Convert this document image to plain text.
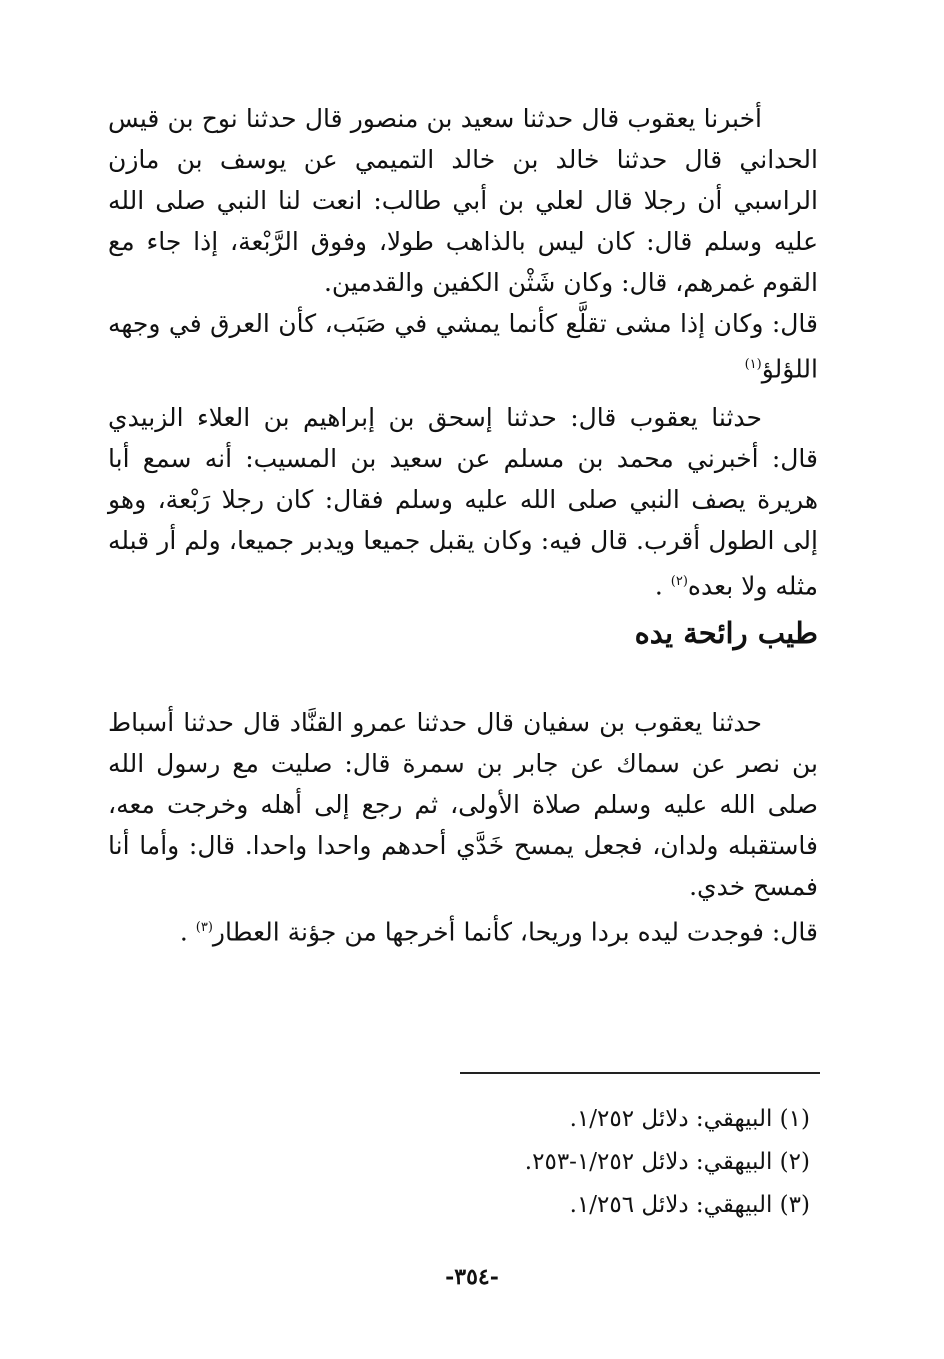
أخبرنا يعقوب قال حدثنا سعيد بن منصور قال حدثنا نوح بن قيس الحداني قال حدثنا خالد بن خالد التميمي عن يوسف بن مازن الراسبي أن رجلا قال لعلي بن أبي طالب: انعت لنا النبي صلى الله عليه وسلم قال: كان ليس بالذاهب طولا، وفوق الرَّبْعة، إذا جاء مع القوم غمرهم، قال: وكان شَثْن الكفين والقدمين.

قال: وكان إذا مشى تقلَّع كأنما يمشي في صَبَب، كأن العرق في وجهه اللؤلؤ$^{(١)}$

حدثنا يعقوب قال: حدثنا إسحق بن إبراهيم بن العلاء الزبيدي قال: أخبرني محمد بن مسلم عن سعيد بن المسيب: أنه سمع أبا هريرة يصف النبي صلى الله عليه وسلم فقال: كان رجلا رَبْعة، وهو إلى الطول أقرب. قال فيه: وكان يقبل جميعا ويدبر جميعا، ولم أر قبله مثله ولا بعده$^{(٢)}$ .

طيب رائحة يده

حدثنا يعقوب بن سفيان قال حدثنا عمرو القنَّاد قال حدثنا أسباط بن نصر عن سماك عن جابر بن سمرة قال: صليت مع رسول الله صلى الله عليه وسلم صلاة الأولى، ثم رجع إلى أهله وخرجت معه، فاستقبله ولدان، فجعل يمسح خَدَّي أحدهم واحدا واحدا. قال: وأما أنا فمسح خدي.

قال: فوجدت ليده بردا وريحا، كأنما أخرجها من جؤنة العطار$^{(٣)}$ .

(١) البيهقي: دلائل ١/٢٥٢.

(٢) البيهقي: دلائل ١/٢٥٢-٢٥٣.

(٣) البيهقي: دلائل ١/٢٥٦.

-٣٥٤-
